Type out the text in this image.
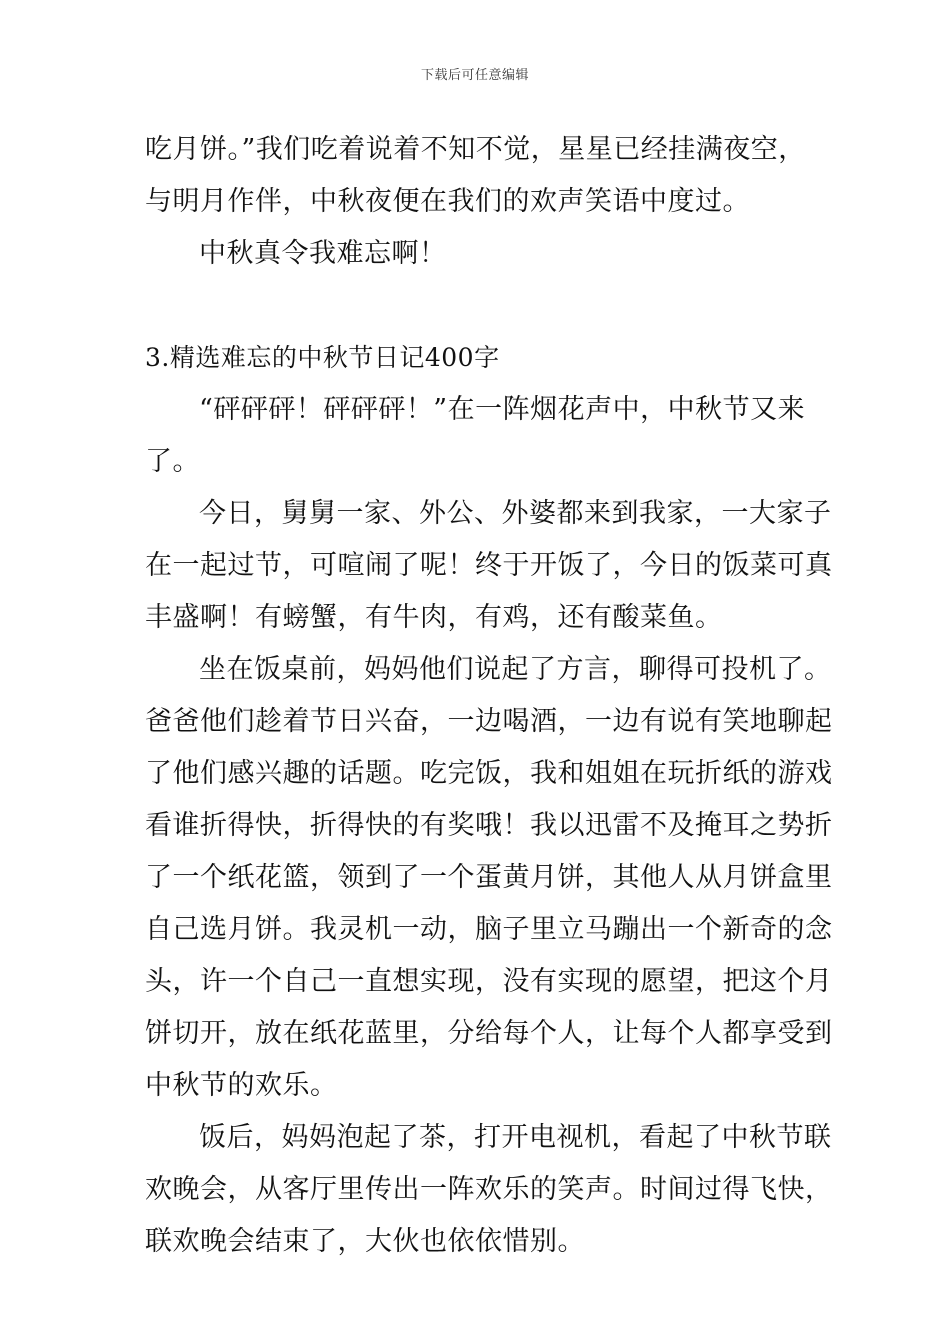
下载后可任意编辑
吃月饼。”我们吃着说着不知不觉，星星已经挂满夜空，
与明月作伴，中秋夜便在我们的欢声笑语中度过。
中秋真令我难忘啊！
3.精选难忘的中秋节日记400字
“砰砰砰！砰砰砰！”在一阵烟花声中，中秋节又来
了。
今日，舅舅一家、外公、外婆都来到我家，一大家子
在一起过节，可喧闹了呢！终于开饭了，今日的饭菜可真
丰盛啊！有螃蟹，有牛肉，有鸡，还有酸菜鱼。
坐在饭桌前，妈妈他们说起了方言，聊得可投机了。
爸爸他们趁着节日兴奋，一边喝酒，一边有说有笑地聊起
了他们感兴趣的话题。吃完饭，我和姐姐在玩折纸的游戏
看谁折得快，折得快的有奖哦！我以迅雷不及掩耳之势折
了一个纸花篮，领到了一个蛋黄月饼，其他人从月饼盒里
自己选月饼。我灵机一动，脑子里立马蹦出一个新奇的念
头，许一个自己一直想实现，没有实现的愿望，把这个月
饼切开，放在纸花蓝里，分给每个人，让每个人都享受到
中秋节的欢乐。
饭后，妈妈泡起了茶，打开电视机，看起了中秋节联
欢晚会，从客厅里传出一阵欢乐的笑声。时间过得飞快，
联欢晚会结束了，大伙也依依惜别。
